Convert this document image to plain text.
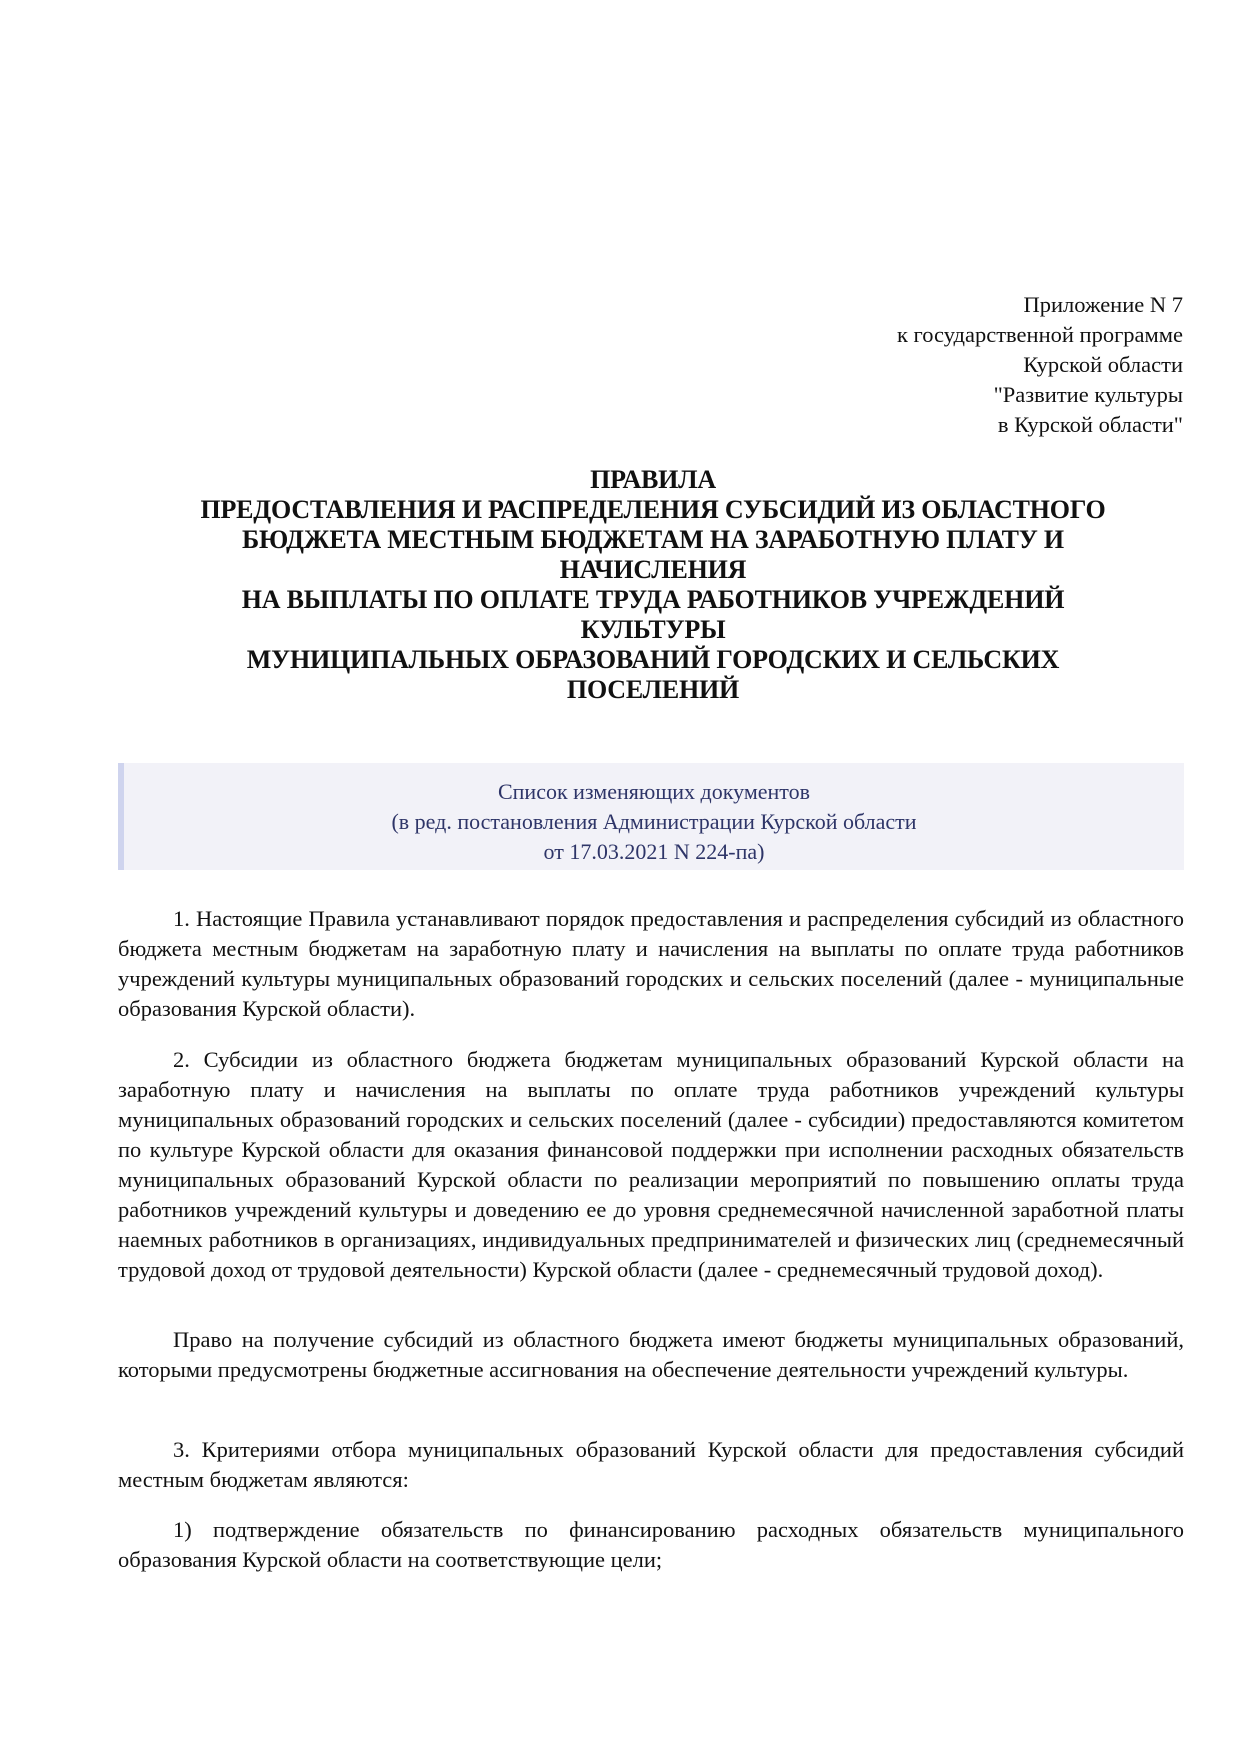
Приложение N 7
к государственной программе
Курской области
"Развитие культуры
в Курской области"
ПРАВИЛА
ПРЕДОСТАВЛЕНИЯ И РАСПРЕДЕЛЕНИЯ СУБСИДИЙ ИЗ ОБЛАСТНОГО
БЮДЖЕТА МЕСТНЫМ БЮДЖЕТАМ НА ЗАРАБОТНУЮ ПЛАТУ И
НАЧИСЛЕНИЯ
НА ВЫПЛАТЫ ПО ОПЛАТЕ ТРУДА РАБОТНИКОВ УЧРЕЖДЕНИЙ
КУЛЬТУРЫ
МУНИЦИПАЛЬНЫХ ОБРАЗОВАНИЙ ГОРОДСКИХ И СЕЛЬСКИХ
ПОСЕЛЕНИЙ
Список изменяющих документов
(в ред. постановления Администрации Курской области
от 17.03.2021 N 224-па)
1. Настоящие Правила устанавливают порядок предоставления и распределения субсидий из областного бюджета местным бюджетам на заработную плату и начисления на выплаты по оплате труда работников учреждений культуры муниципальных образований городских и сельских поселений (далее - муниципальные образования Курской области).
2. Субсидии из областного бюджета бюджетам муниципальных образований Курской области на заработную плату и начисления на выплаты по оплате труда работников учреждений культуры муниципальных образований городских и сельских поселений (далее - субсидии) предоставляются комитетом по культуре Курской области для оказания финансовой поддержки при исполнении расходных обязательств муниципальных образований Курской области по реализации мероприятий по повышению оплаты труда работников учреждений культуры и доведению ее до уровня среднемесячной начисленной заработной платы наемных работников в организациях, индивидуальных предпринимателей и физических лиц (среднемесячный трудовой доход от трудовой деятельности) Курской области (далее - среднемесячный трудовой доход).
Право на получение субсидий из областного бюджета имеют бюджеты муниципальных образований, которыми предусмотрены бюджетные ассигнования на обеспечение деятельности учреждений культуры.
3. Критериями отбора муниципальных образований Курской области для предоставления субсидий местным бюджетам являются:
1) подтверждение обязательств по финансированию расходных обязательств муниципального образования Курской области на соответствующие цели;
